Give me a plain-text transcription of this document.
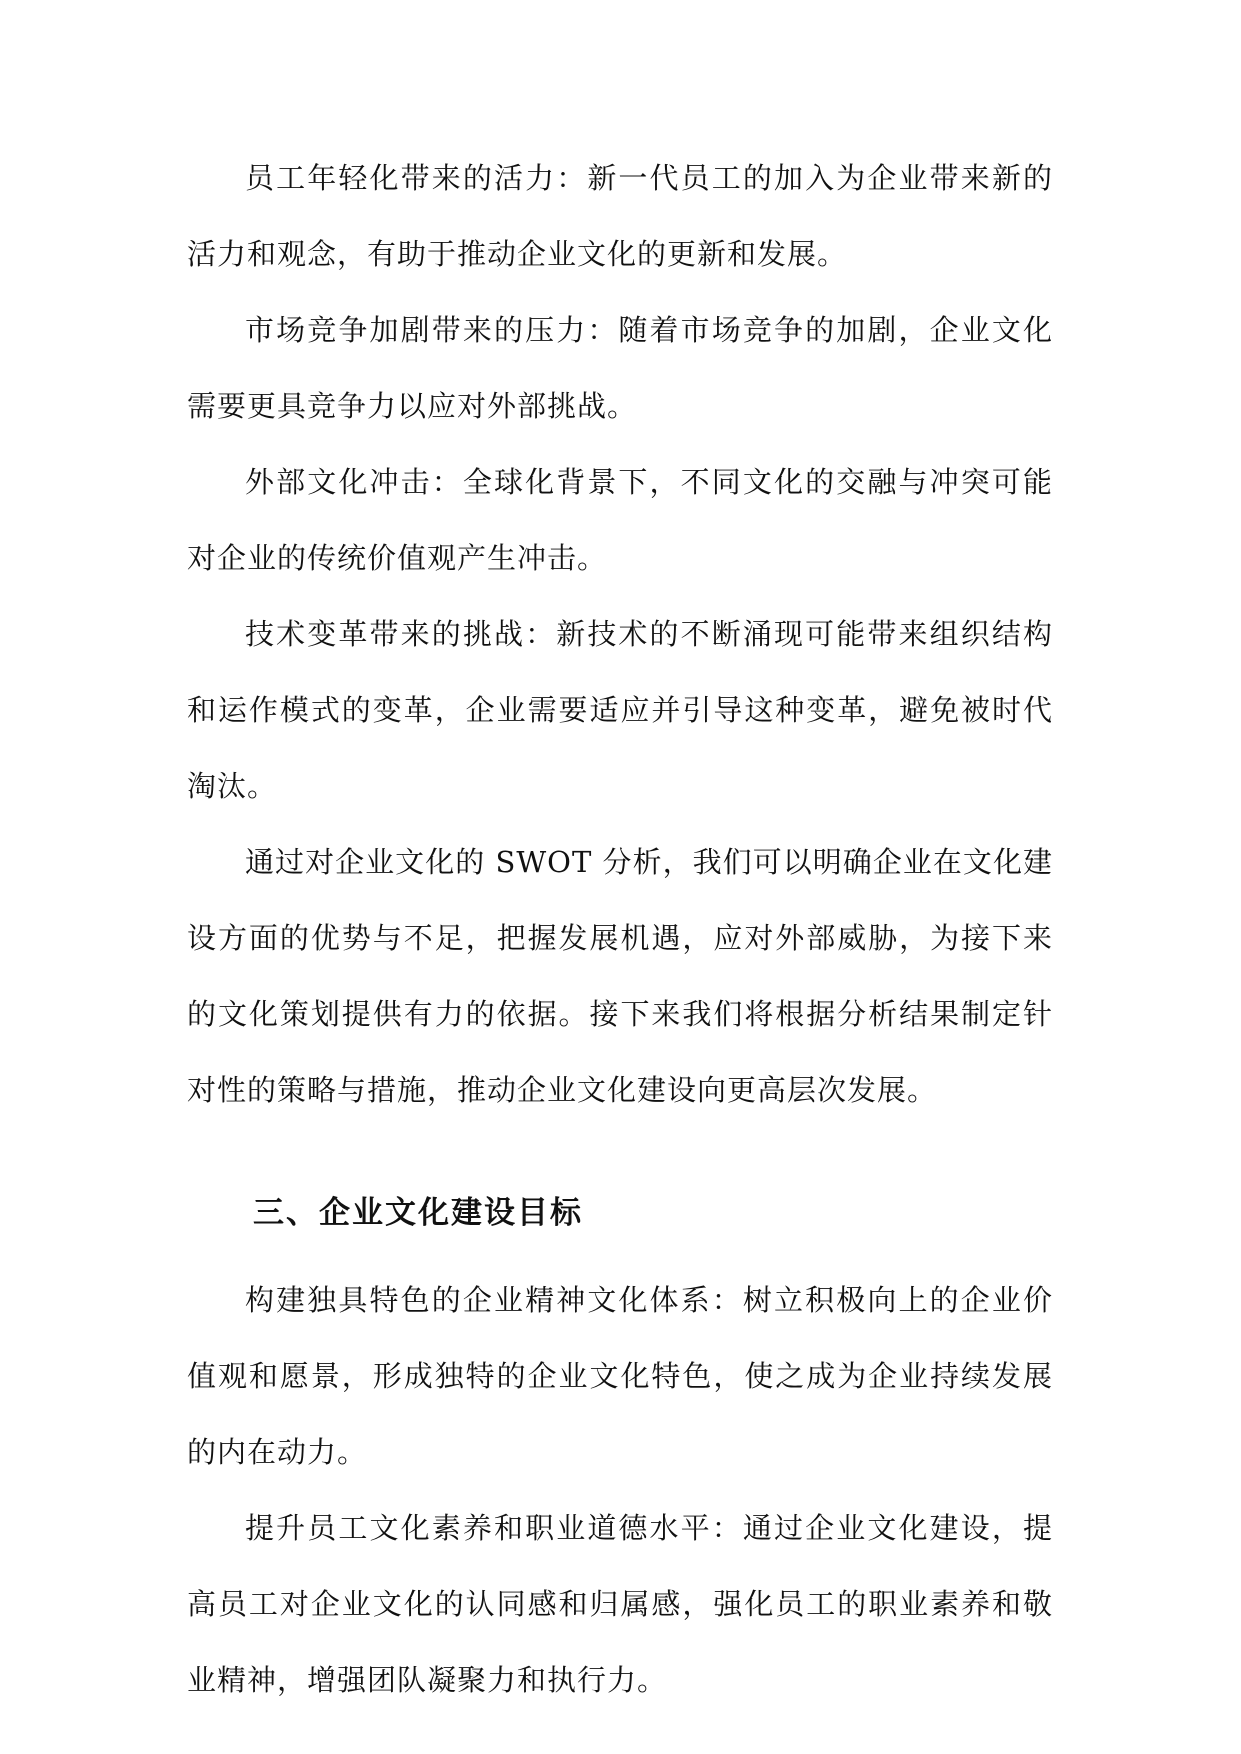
员工年轻化带来的活力：新一代员工的加入为企业带来新的活力和观念，有助于推动企业文化的更新和发展。

市场竞争加剧带来的压力：随着市场竞争的加剧，企业文化需要更具竞争力以应对外部挑战。

外部文化冲击：全球化背景下，不同文化的交融与冲突可能对企业的传统价值观产生冲击。

技术变革带来的挑战：新技术的不断涌现可能带来组织结构和运作模式的变革，企业需要适应并引导这种变革，避免被时代淘汰。

通过对企业文化的 SWOT 分析，我们可以明确企业在文化建设方面的优势与不足，把握发展机遇，应对外部威胁，为接下来的文化策划提供有力的依据。接下来我们将根据分析结果制定针对性的策略与措施，推动企业文化建设向更高层次发展。

三、企业文化建设目标

构建独具特色的企业精神文化体系：树立积极向上的企业价值观和愿景，形成独特的企业文化特色，使之成为企业持续发展的内在动力。

提升员工文化素养和职业道德水平：通过企业文化建设，提高员工对企业文化的认同感和归属感，强化员工的职业素养和敬业精神，增强团队凝聚力和执行力。
